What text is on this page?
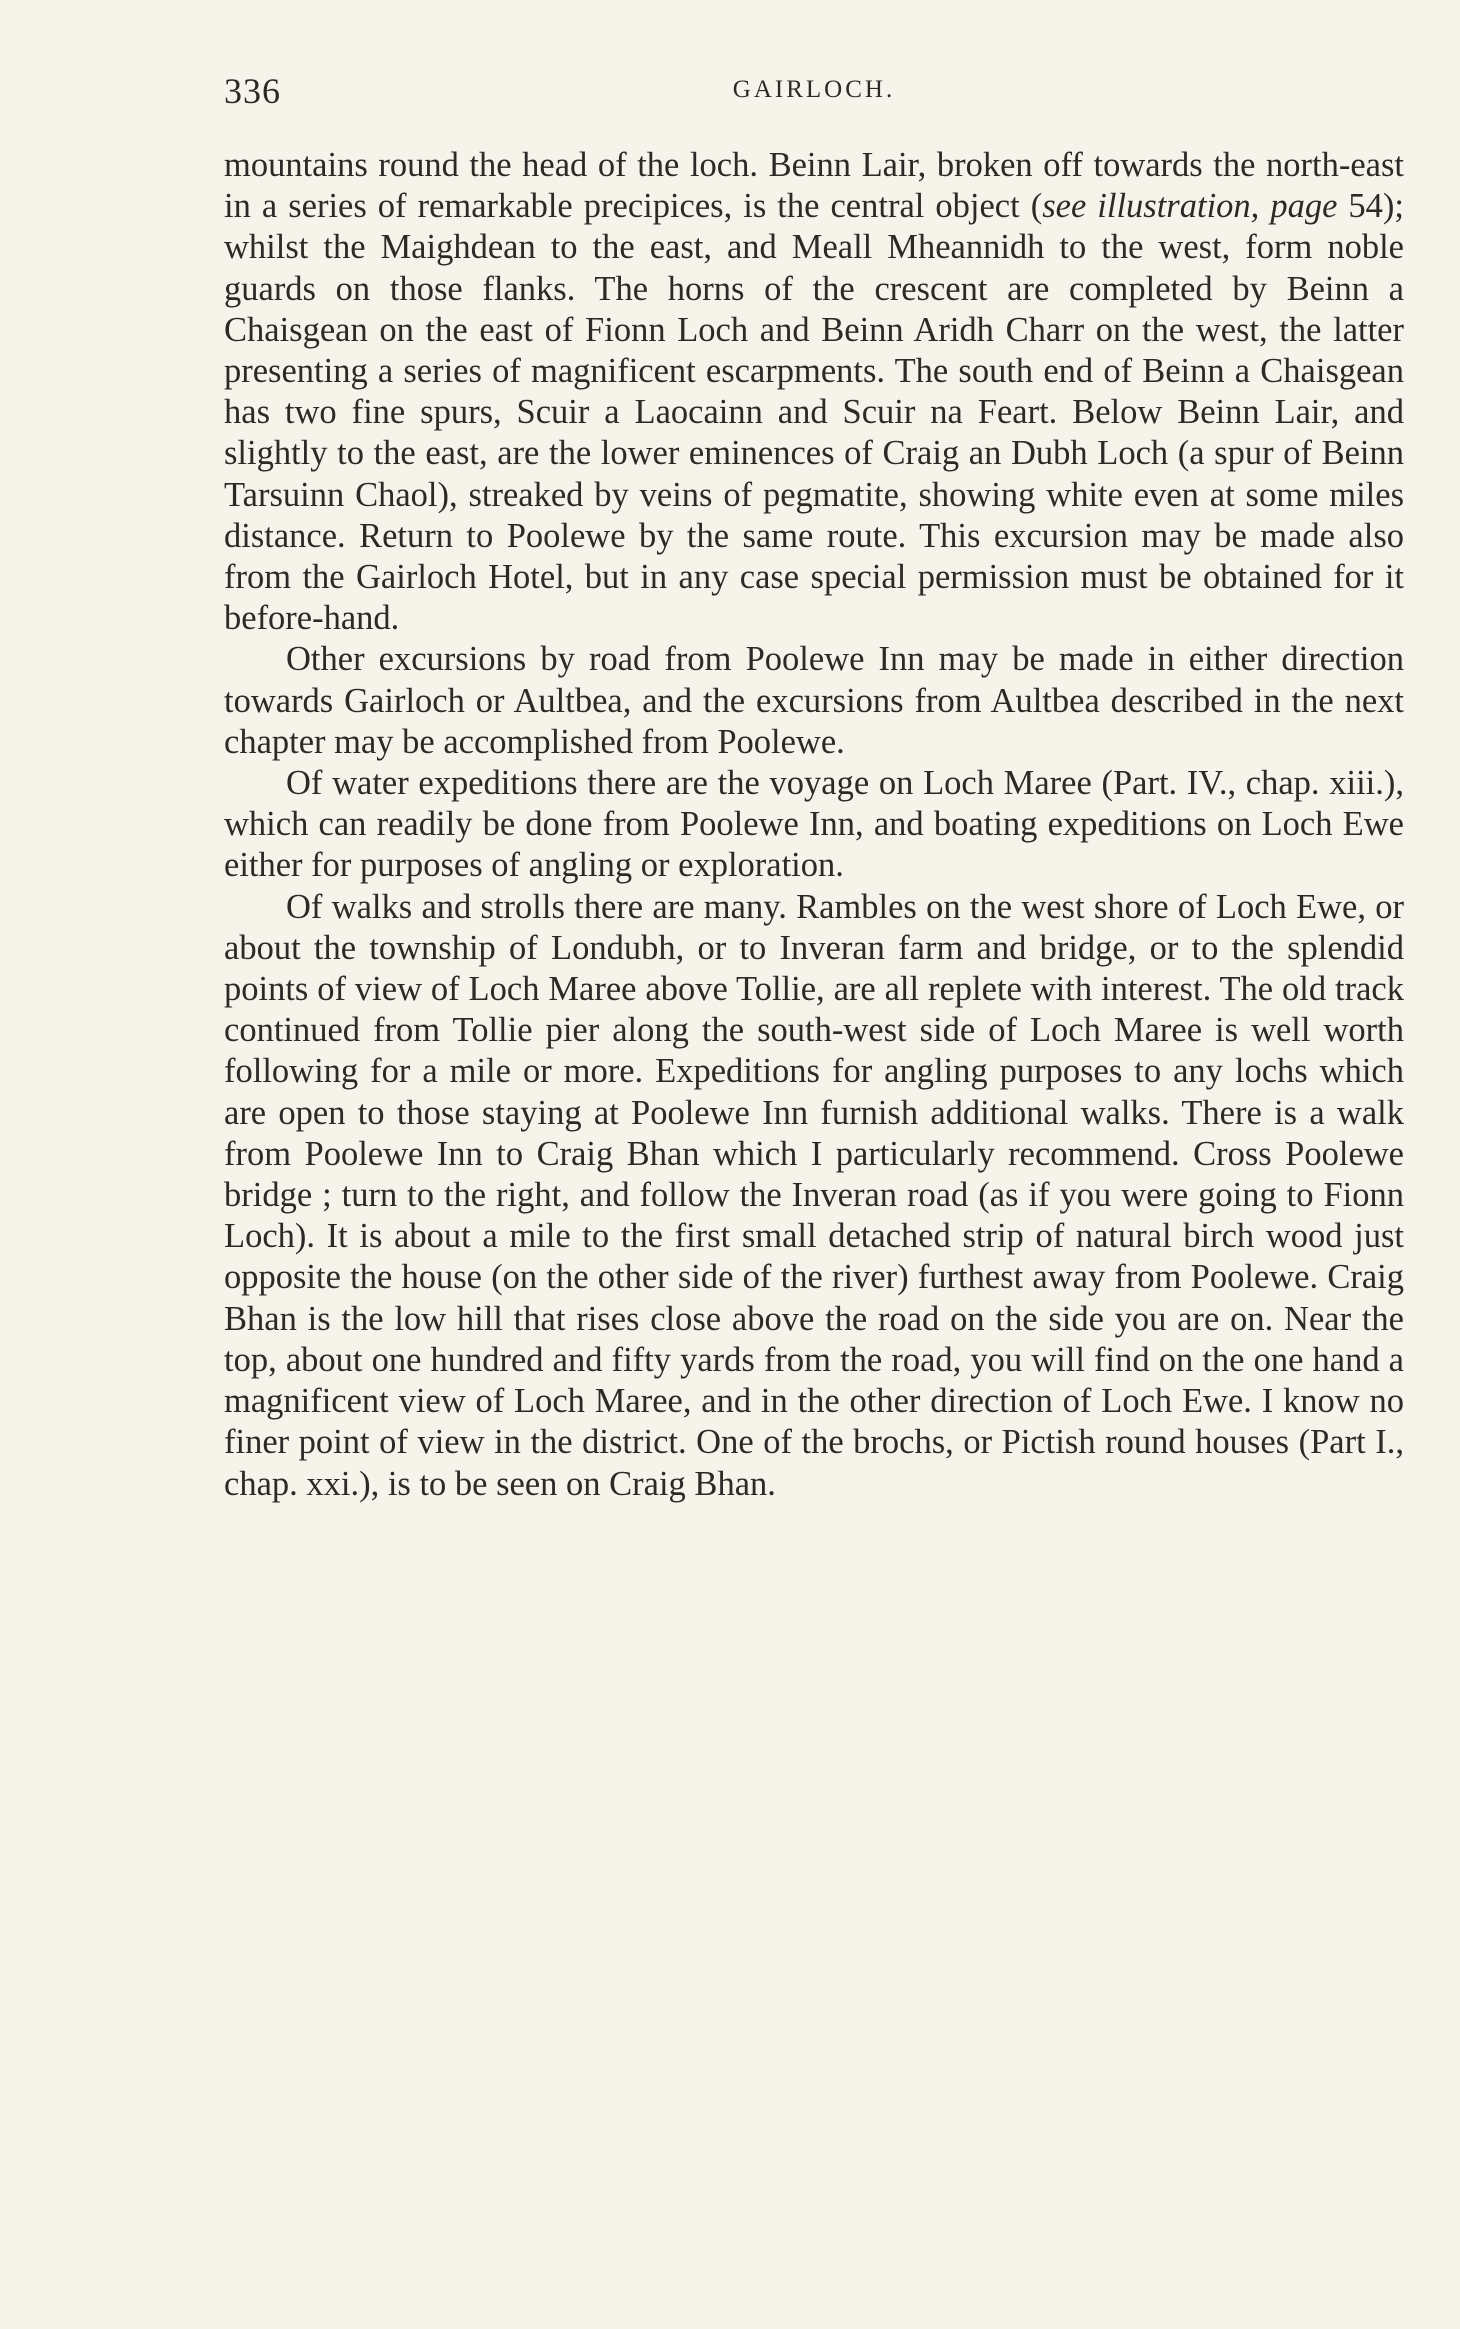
336	GAIRLOCH.

mountains round the head of the loch. Beinn Lair, broken off towards the north-east in a series of remarkable precipices, is the central object (see illustration, page 54); whilst the Maighdean to the east, and Meall Mheannidh to the west, form noble guards on those flanks. The horns of the crescent are completed by Beinn a Chaisgean on the east of Fionn Loch and Beinn Aridh Charr on the west, the latter presenting a series of magnificent escarpments. The south end of Beinn a Chaisgean has two fine spurs, Scuir a Laocainn and Scuir na Feart. Below Beinn Lair, and slightly to the east, are the lower eminences of Craig an Dubh Loch (a spur of Beinn Tarsuinn Chaol), streaked by veins of pegmatite, showing white even at some miles distance. Return to Poolewe by the same route. This excursion may be made also from the Gairloch Hotel, but in any case special permission must be obtained for it before-hand.

Other excursions by road from Poolewe Inn may be made in either direction towards Gairloch or Aultbea, and the excursions from Aultbea described in the next chapter may be accomplished from Poolewe.

Of water expeditions there are the voyage on Loch Maree (Part. IV., chap. xiii.), which can readily be done from Poolewe Inn, and boating expeditions on Loch Ewe either for purposes of angling or exploration.

Of walks and strolls there are many. Rambles on the west shore of Loch Ewe, or about the township of Londubh, or to Inveran farm and bridge, or to the splendid points of view of Loch Maree above Tollie, are all replete with interest. The old track continued from Tollie pier along the south-west side of Loch Maree is well worth following for a mile or more. Expeditions for angling purposes to any lochs which are open to those staying at Poolewe Inn furnish additional walks. There is a walk from Poolewe Inn to Craig Bhan which I particularly recommend. Cross Poolewe bridge ; turn to the right, and follow the Inveran road (as if you were going to Fionn Loch). It is about a mile to the first small detached strip of natural birch wood just opposite the house (on the other side of the river) furthest away from Poolewe. Craig Bhan is the low hill that rises close above the road on the side you are on. Near the top, about one hundred and fifty yards from the road, you will find on the one hand a magnificent view of Loch Maree, and in the other direction of Loch Ewe. I know no finer point of view in the district. One of the brochs, or Pictish round houses (Part I., chap. xxi.), is to be seen on Craig Bhan.
